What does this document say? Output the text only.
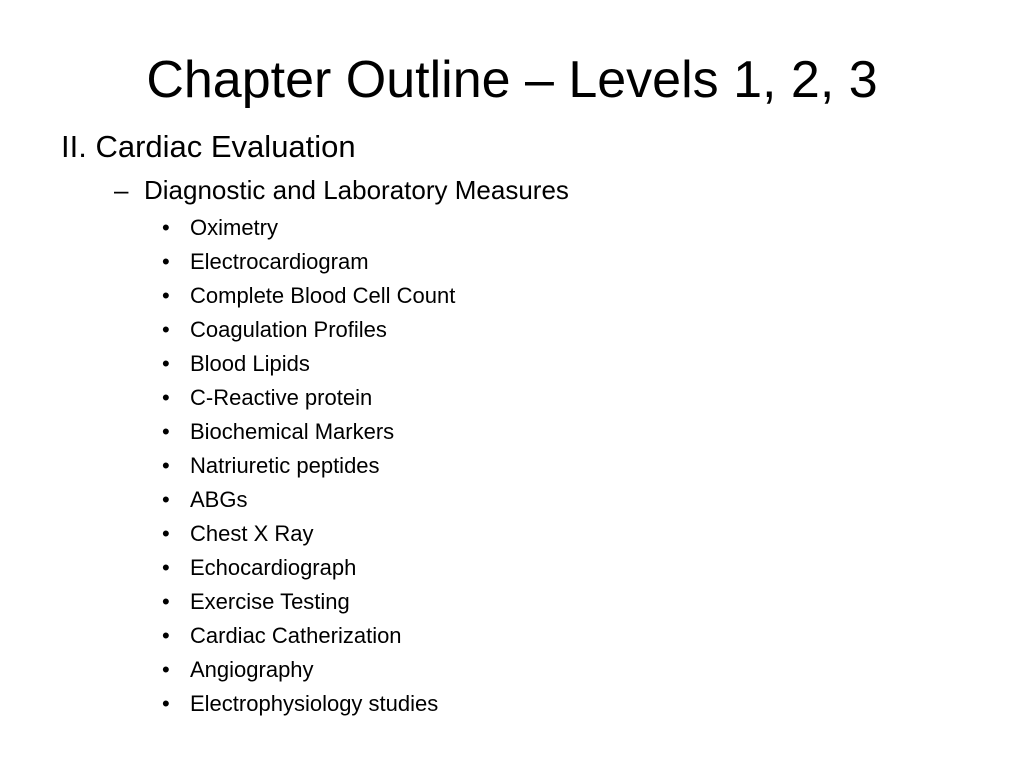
Chapter Outline – Levels 1, 2, 3
II. Cardiac Evaluation
– Diagnostic and Laboratory Measures
• Oximetry
• Electrocardiogram
• Complete Blood Cell Count
• Coagulation Profiles
• Blood Lipids
• C-Reactive protein
• Biochemical Markers
• Natriuretic peptides
• ABGs
• Chest X Ray
• Echocardiograph
• Exercise Testing
• Cardiac Catherization
• Angiography
• Electrophysiology studies
